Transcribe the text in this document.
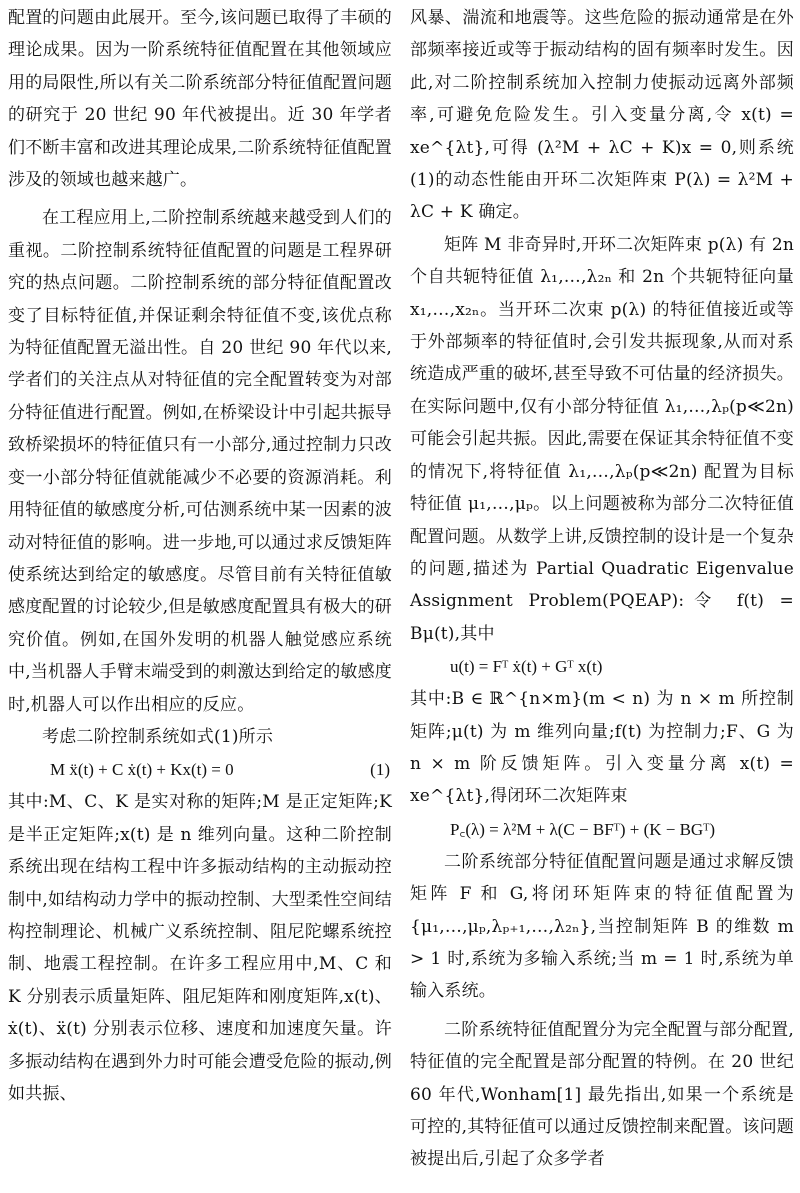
配置的问题由此展开。至今,该问题已取得了丰硕的理论成果。因为一阶系统特征值配置在其他领域应用的局限性,所以有关二阶系统部分特征值配置问题的研究于 20 世纪 90 年代被提出。近 30 年学者们不断丰富和改进其理论成果,二阶系统特征值配置涉及的领域也越来越广。

在工程应用上,二阶控制系统越来越受到人们的重视。二阶控制系统特征值配置的问题是工程界研究的热点问题。二阶控制系统的部分特征值配置改变了目标特征值,并保证剩余特征值不变,该优点称为特征值配置无溢出性。自 20 世纪 90 年代以来,学者们的关注点从对特征值的完全配置转变为对部分特征值进行配置。例如,在桥梁设计中引起共振导致桥梁损坏的特征值只有一小部分,通过控制力只改变一小部分特征值就能减少不必要的资源消耗。利用特征值的敏感度分析,可估测系统中某一因素的波动对特征值的影响。进一步地,可以通过求反馈矩阵使系统达到给定的敏感度。尽管目前有关特征值敏感度配置的讨论较少,但是敏感度配置具有极大的研究价值。例如,在国外发明的机器人触觉感应系统中,当机器人手臂末端受到的刺激达到给定的敏感度时,机器人可以作出相应的反应。

考虑二阶控制系统如式(1)所示

M ẍ(t) + C ẋ(t) + Kx(t) = 0	(1)

其中:M、C、K 是实对称的矩阵;M 是正定矩阵;K 是半正定矩阵;x(t) 是 n 维列向量。这种二阶控制系统出现在结构工程中许多振动结构的主动振动控制中,如结构动力学中的振动控制、大型柔性空间结构控制理论、机械广义系统控制、阻尼陀螺系统控制、地震工程控制。在许多工程应用中,M、C 和 K 分别表示质量矩阵、阻尼矩阵和刚度矩阵,x(t)、ẋ(t)、ẍ(t) 分别表示位移、速度和加速度矢量。许多振动结构在遇到外力时可能会遭受危险的振动,例如共振、

风暴、湍流和地震等。这些危险的振动通常是在外部频率接近或等于振动结构的固有频率时发生。因此,对二阶控制系统加入控制力使振动远离外部频率,可避免危险发生。引入变量分离,令 x(t) = xe^{λt},可得 (λ²M + λC + K)x = 0,则系统(1)的动态性能由开环二次矩阵束 P(λ) = λ²M + λC + K 确定。

矩阵 M 非奇异时,开环二次矩阵束 p(λ) 有 2n 个自共轭特征值 λ₁,…,λ₂ₙ 和 2n 个共轭特征向量 x₁,…,x₂ₙ。当开环二次束 p(λ) 的特征值接近或等于外部频率的特征值时,会引发共振现象,从而对系统造成严重的破坏,甚至导致不可估量的经济损失。在实际问题中,仅有小部分特征值 λ₁,…,λₚ(p≪2n) 可能会引起共振。因此,需要在保证其余特征值不变的情况下,将特征值 λ₁,…,λₚ(p≪2n) 配置为目标特征值 μ₁,…,μₚ。以上问题被称为部分二次特征值配置问题。从数学上讲,反馈控制的设计是一个复杂的问题,描述为 Partial Quadratic Eigenvalue Assignment Problem(PQEAP):令 f(t) = Bμ(t),其中

u(t) = Fᵀ ẋ(t) + Gᵀ x(t)

其中:B ∈ ℝ^{n×m}(m < n) 为 n × m 所控制矩阵;μ(t) 为 m 维列向量;f(t) 为控制力;F、G 为 n × m 阶反馈矩阵。引入变量分离 x(t) = xe^{λt},得闭环二次矩阵束

P꜀(λ) = λ²M + λ(C − BFᵀ) + (K − BGᵀ)

二阶系统部分特征值配置问题是通过求解反馈矩阵 F 和 G,将闭环矩阵束的特征值配置为 {μ₁,…,μₚ,λₚ₊₁,…,λ₂ₙ},当控制矩阵 B 的维数 m > 1 时,系统为多输入系统;当 m = 1 时,系统为单输入系统。

二阶系统特征值配置分为完全配置与部分配置,特征值的完全配置是部分配置的特例。在 20 世纪 60 年代,Wonham[1] 最先指出,如果一个系统是可控的,其特征值可以通过反馈控制来配置。该问题被提出后,引起了众多学者
